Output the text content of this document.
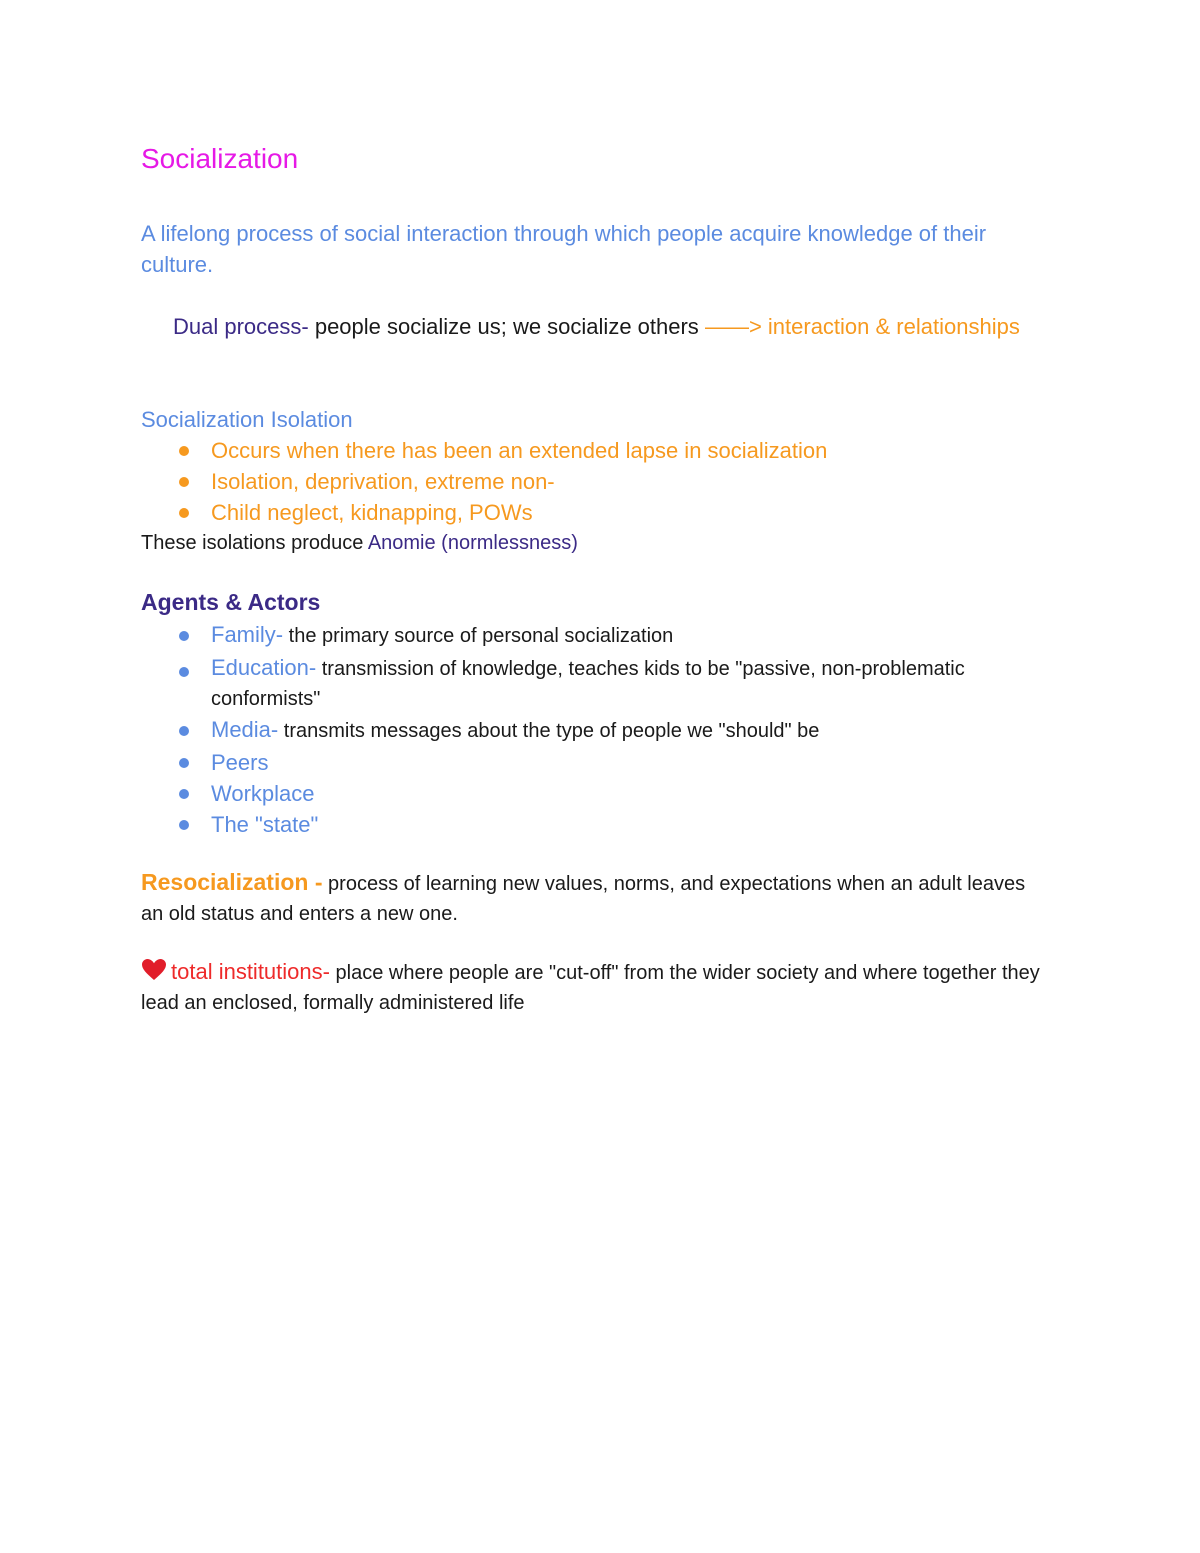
Socialization
A lifelong process of social interaction through which people acquire knowledge of their culture.
Dual process- people socialize us; we socialize others ——> interaction & relationships
Socialization Isolation
Occurs when there has been an extended lapse in socialization
Isolation, deprivation, extreme non-
Child neglect, kidnapping, POWs
These isolations produce Anomie (normlessness)
Agents & Actors
Family- the primary source of personal socialization
Education- transmission of knowledge, teaches kids to be "passive, non-problematic conformists"
Media- transmits messages about the type of people we "should" be
Peers
Workplace
The "state"
Resocialization - process of learning new values, norms, and expectations when an adult leaves an old status and enters a new one.
total institutions- place where people are "cut-off" from the wider society and where together they lead an enclosed, formally administered life
